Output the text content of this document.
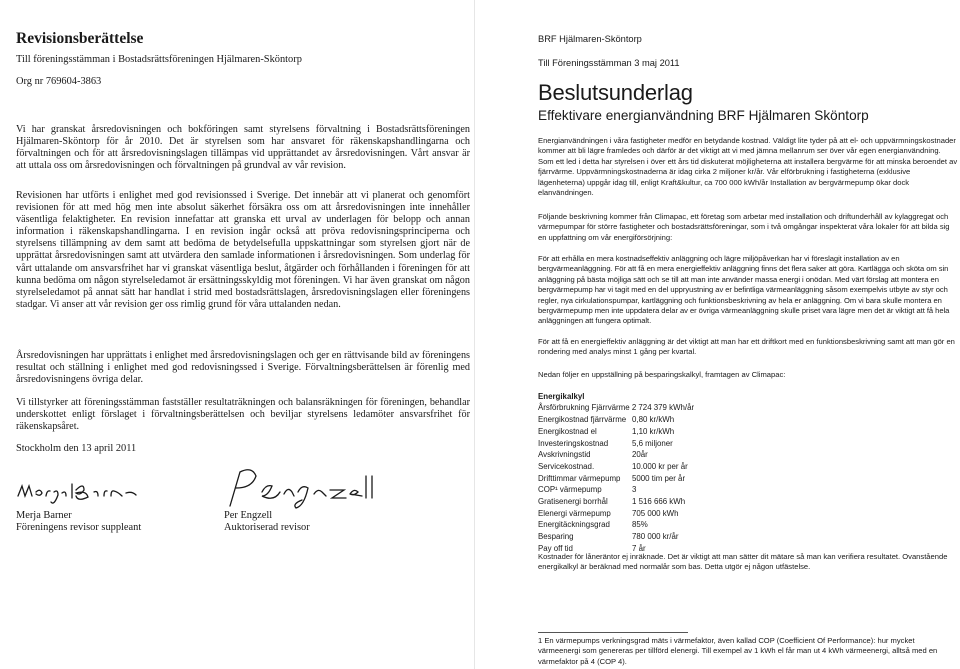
Revisionsberättelse
Till föreningsstämman i Bostadsrättsföreningen Hjälmaren-Sköntorp
Org nr 769604-3863
Vi har granskat årsredovisningen och bokföringen samt styrelsens förvaltning i Bostadsrättsföreningen Hjälmaren-Sköntorp för år 2010. Det är styrelsen som har ansvaret för räkenskapshandlingarna och förvaltningen och för att årsredovisningslagen tillämpas vid upprättandet av årsredovisningen. Vårt ansvar är att uttala oss om årsredovisningen och förvaltningen på grundval av vår revision.
Revisionen har utförts i enlighet med god revisionssed i Sverige. Det innebär att vi planerat och genomfört revisionen för att med hög men inte absolut säkerhet försäkra oss om att årsredovisningen inte innehåller väsentliga felaktigheter. En revision innefattar att granska ett urval av underlagen för belopp och annan information i räkenskapshandlingarna. I en revision ingår också att pröva redovisningsprinciperna och styrelsens tillämpning av dem samt att bedöma de betydelsefulla uppskattningar som styrelsen gjort när de upprättat årsredovisningen samt att utvärdera den samlade informationen i årsredovisningen. Som underlag för vårt uttalande om ansvarsfrihet har vi granskat väsentliga beslut, åtgärder och förhållanden i föreningen för att kunna bedöma om någon styrelseledamot är ersättningsskyldig mot föreningen. Vi har även granskat om någon styrelseledamot på annat sätt har handlat i strid med bostadsrättslagen, årsredovisningslagen eller föreningens stadgar. Vi anser att vår revision ger oss rimlig grund för våra uttalanden nedan.
Årsredovisningen har upprättats i enlighet med årsredovisningslagen och ger en rättvisande bild av föreningens resultat och ställning i enlighet med god redovisningssed i Sverige. Förvaltningsberättelsen är förenlig med årsredovisningens övriga delar.
Vi tillstyrker att föreningsstämman fastställer resultaträkningen och balansräkningen för föreningen, behandlar underskottet enligt förslaget i förvaltningsberättelsen och beviljar styrelsens ledamöter ansvarsfrihet för räkenskapsåret.
Stockholm den 13 april 2011
Merja Barner
Föreningens revisor suppleant
Per Engzell
Auktoriserad revisor
BRF Hjälmaren-Sköntorp
Till Föreningsstämman 3 maj 2011
Beslutsunderlag
Effektivare energianvändning BRF Hjälmaren Sköntorp
Energianvändningen i våra fastigheter medför en betydande kostnad. Väldigt lite tyder på att el- och uppvärmningskostnader kommer att bli lägre framledes och därför är det viktigt att vi med jämna mellanrum ser över vår egen energianvändning. Som ett led i detta har styrelsen i över ett års tid diskuterat möjligheterna att installera bergvärme för att minska beroendet av fjärrvärme. Uppvärmningskostnaderna är idag cirka 2 miljoner kr/år. Vår elförbrukning i fastigheterna (exklusive lägenheterna) uppgår idag till, enligt Kraft&kultur, ca 700 000 kWh/år Installation av bergvärmepump ökar dock elanvändningen.
Följande beskrivning kommer från Climapac, ett företag som arbetar med installation och driftunderhåll av kylaggregat och värmepumpar för större fastigheter och bostadsrättsföreningar, som i två omgångar inspekterat våra lokaler för att bilda sig en uppfattning om vår energiförsörjning:
För att erhålla en mera kostnadseffektiv anläggning och lägre miljöpåverkan har vi föreslagit installation av en bergvärmeanläggning. För att få en mera energieffektiv anläggning finns det flera saker att göra. Kartlägga och sköta om sin anläggning på bästa möjliga sätt och se till att man inte använder massa energi i onödan. Med värt förslag att montera en bergvärmepump har vi tagit med en del uppryustning av er befintliga värmeanläggning såsom exempelvis utbyte av styr och regler, nya cirkulationspumpar, kartläggning och funktionsbeskrivning av hela er anläggning. Om vi bara skulle montera en bergvärmepump men inte uppdatera delar av er övriga värmeanläggning skulle priset vara lägre men det är viktigt att få hela anläggningen att fungera optimalt.
För att få en energieffektiv anläggning är det viktigt att man har ett driftkort med en funktionsbeskrivning samt att man gör en rondering med analys minst 1 gång per kvartal.
Nedan följer en uppställning på besparingskalkyl, framtagen av Climapac:
Energikalkyl
Årsförbrukning Fjärrvärme 2 724 379 kWh/år
Energikostnad fjärrvärme 0,80 kr/kWh
Energikostnad el	1,10 kr/kWh
Investeringskostnad	5,6 miljoner
Avskrivningstid	20år
Servicekostnad.	10.000 kr per år
Drifttimmar värmepump	5000 tim per år
COP¹ värmepump	3
Gratisenergi borrhål	1 516 666 kWh
Elenergi värmepump	705 000 kWh
Energitäckningsgrad	85%
Besparing	780 000 kr/år
Pay off tid	7 år
Kostnader för låneräntor ej inräknade. Det är viktigt att man sätter dit mätare så man kan verifiera resultatet. Ovanstående energikalkyl är beräknad med normalår som bas. Detta utgör ej någon utfästelse.
1 En värmepumps verkningsgrad mäts i värmefaktor, även kallad COP (Coefficient Of Performance): hur mycket värmeenergi som genereras per tillförd elenergi. Till exempel av 1 kWh el får man ut 4 kWh värmeenergi, alltså med en värmefaktor på 4 (COP 4).
